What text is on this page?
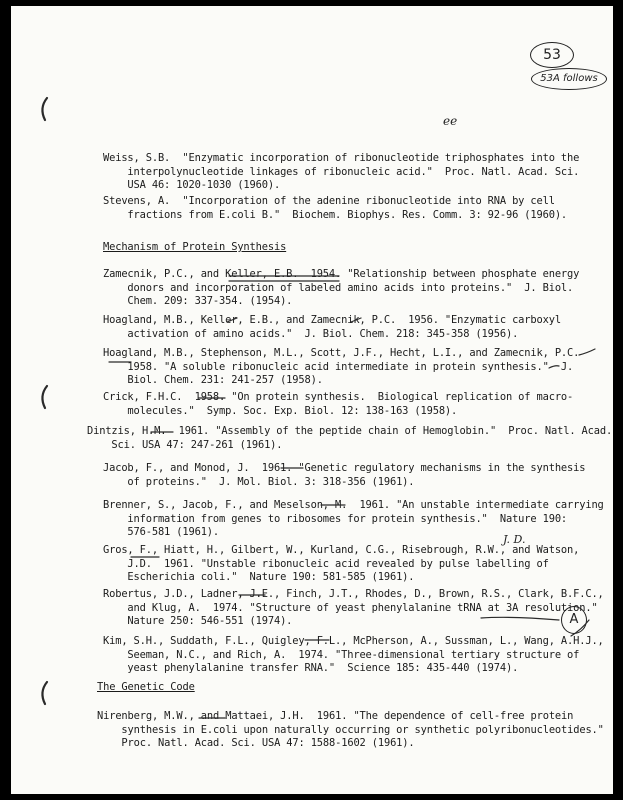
53
53A follows
ee
Weiss, S.B.  "Enzymatic incorporation of ribonucleotide triphosphates into the
interpolynucleotide linkages of ribonucleic acid."  Proc. Natl. Acad. Sci.
USA 46: 1020-1030 (1960).
Stevens, A.  "Incorporation of the adenine ribonucleotide into RNA by cell
fractions from E.coli B."  Biochem. Biophys. Res. Comm. 3: 92-96 (1960).
Mechanism of Protein Synthesis
Zamecnik, P.C., and Keller, E.B.  1954. "Relationship between phosphate energy
donors and incorporation of labeled amino acids into proteins."  J. Biol.
Chem. 209: 337-354. (1954).
Hoagland, M.B., Keller, E.B., and Zamecnik, P.C.  1956. "Enzymatic carboxyl
activation of amino acids."  J. Biol. Chem. 218: 345-358 (1956).
Hoagland, M.B., Stephenson, M.L., Scott, J.F., Hecht, L.I., and Zamecnik, P.C.
1958. "A soluble ribonucleic acid intermediate in protein synthesis."  J.
Biol. Chem. 231: 241-257 (1958).
Crick, F.H.C.  1958. "On protein synthesis.  Biological replication of macro-
molecules."  Symp. Soc. Exp. Biol. 12: 138-163 (1958).
Dintzis, H.M.  1961. "Assembly of the peptide chain of Hemoglobin."  Proc. Natl. Acad.
Sci. USA 47: 247-261 (1961).
Jacob, F., and Monod, J.  1961. "Genetic regulatory mechanisms in the synthesis
of proteins."  J. Mol. Biol. 3: 318-356 (1961).
Brenner, S., Jacob, F., and Meselson, M.  1961. "An unstable intermediate carrying
information from genes to ribosomes for protein synthesis."  Nature 190:
576-581 (1961).
J. D.
Gros, F., Hiatt, H., Gilbert, W., Kurland, C.G., Risebrough, R.W., and Watson,
J.D.  1961. "Unstable ribonucleic acid revealed by pulse labelling of
Escherichia coli."  Nature 190: 581-585 (1961).
Robertus, J.D., Ladner, J.E., Finch, J.T., Rhodes, D., Brown, R.S., Clark, B.F.C.,
and Klug, A.  1974. "Structure of yeast phenylalanine tRNA at 3A resolution."
Nature 250: 546-551 (1974).	A
Kim, S.H., Suddath, F.L., Quigley, F.L., McPherson, A., Sussman, L., Wang, A.H.J.,
Seeman, N.C., and Rich, A.  1974. "Three-dimensional tertiary structure of
yeast phenylalanine transfer RNA."  Science 185: 435-440 (1974).
The Genetic Code
Nirenberg, M.W., and Mattaei, J.H.  1961. "The dependence of cell-free protein
synthesis in E.coli upon naturally occurring or synthetic polyribonucleotides."
Proc. Natl. Acad. Sci. USA 47: 1588-1602 (1961).
